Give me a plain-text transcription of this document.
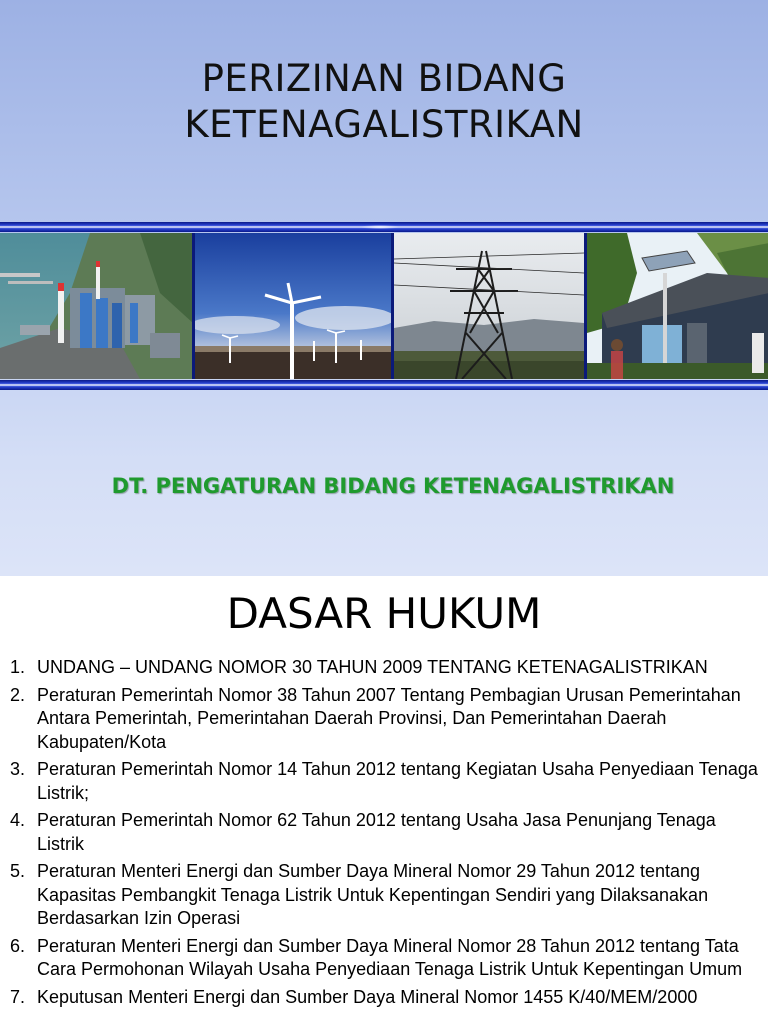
PERIZINAN BIDANG
KETENAGALISTRIKAN
DT. PENGATURAN BIDANG KETENAGALISTRIKAN
DASAR HUKUM
1. UNDANG – UNDANG NOMOR 30 TAHUN 2009 TENTANG KETENAGALISTRIKAN
2. Peraturan Pemerintah Nomor 38 Tahun 2007 Tentang Pembagian Urusan Pemerintahan Antara Pemerintah, Pemerintahan Daerah Provinsi, Dan Pemerintahan Daerah Kabupaten/Kota
3. Peraturan Pemerintah Nomor 14 Tahun 2012 tentang Kegiatan Usaha Penyediaan Tenaga Listrik;
4. Peraturan Pemerintah Nomor 62 Tahun 2012 tentang Usaha Jasa Penunjang Tenaga Listrik
5. Peraturan Menteri Energi dan Sumber Daya Mineral Nomor 29 Tahun 2012 tentang Kapasitas Pembangkit Tenaga Listrik Untuk Kepentingan Sendiri yang Dilaksanakan Berdasarkan Izin Operasi
6. Peraturan Menteri Energi dan Sumber Daya Mineral Nomor 28 Tahun 2012 tentang Tata Cara Permohonan Wilayah Usaha Penyediaan Tenaga Listrik Untuk Kepentingan Umum
7. Keputusan Menteri Energi dan Sumber Daya Mineral Nomor 1455 K/40/MEM/2000
